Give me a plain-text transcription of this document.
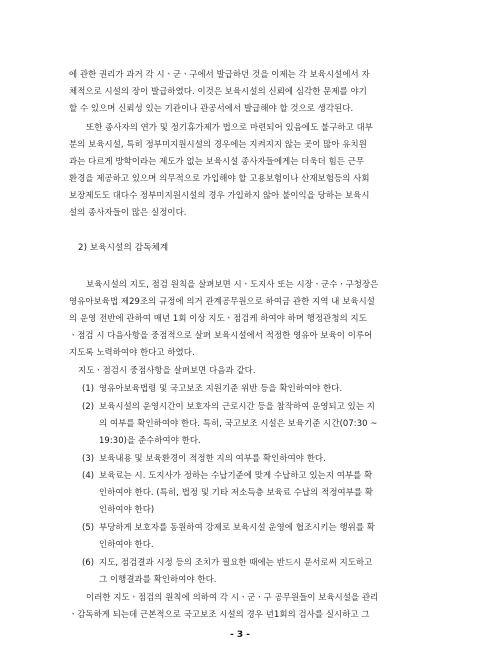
에 관한 권리가 과거 각 시ㆍ군ㆍ구에서 발급하던 것을 이제는 각 보육시설에서 자
체적으로 시설의 장이 발급하였다. 이것은 보육시설의 신뢰에 심각한 문제를 야기
할 수 있으며 신뢰성 있는 기관이나 관공서에서 발급해야 할 것으로 생각된다.
또한 종사자의 연가 및 정기휴가제가 법으로 마련되어 있음에도 불구하고 대부
분의 보육시설, 특히 정부미지원시설의 경우에는 지켜지지 않는 곳이 많아 유치원
과는 다르게 방학이라는 제도가 없는 보육시설 종사자들에게는 더욱더 힘든 근무
환경을 제공하고 있으며 의무적으로 가입해야 할 고용보험이나 산재보험등의 사회
보장제도도 대다수 정부미지원시설의 경우 가입하지 않아 불이익을 당하는 보육시
설의 종사자들이 많은 실정이다.
2) 보육시설의 감독체계
보육시설의 지도, 점검 원칙을 살펴보면 시ㆍ도지사 또는 시장ㆍ군수ㆍ구청장은
영유아보육법 제29조의 규정에 의거 관계공무원으로 하여금 관한 지역 내 보육시설
의 운영 전반에 관하여 매년 1회 이상 지도ㆍ점검케 하여야 하며 행정관청의 지도
ㆍ점검 시 다음사항을 중점적으로 살펴 보육시설에서 적정한 영유아 보육이 이루어
지도록 노력하여야 한다고 하였다.
지도ㆍ점검시 중점사항을 살펴보면 다음과 같다.
(1) 영유아보육법령 및 국고보조 지원기준 위반 등을 확인하여야 한다.
(2) 보육시설의 운영시간이 보호자의 근로시간 등을 참작하여 운영되고 있는 지
의 여부를 확인하여야 한다. 특히, 국고보조 시설은 보육기준 시간(07:30 ~
19:30)을 준수하여야 한다.
(3) 보육내용 및 보육환경이 적정한 지의 여부를 확인하여야 한다.
(4) 보육료는 시. 도지사가 정하는 수납기준에 맞게 수납하고 있는지 여부를 확
인하여야 한다. (특히, 법정 및 기타 저소득층 보육료 수납의 적정여부를 확
인하여야 한다)
(5) 부당하게 보호자를 동원하여 강제로 보육시설 운영에 협조시키는 행위를 확
인하여야 한다.
(6) 지도, 점검결과 시정 등의 조치가 필요한 때에는 반드시 문서로써 지도하고
그 이행결과를 확인하여야 한다.
이러한 지도ㆍ점검의 원칙에 의하여 각 시ㆍ군ㆍ구 공무원들이 보육시설을 관리
ㆍ감독하게 되는데 근본적으로 국고보조 시설의 경우 년1회의 검사를 실시하고 그
- 3 -
